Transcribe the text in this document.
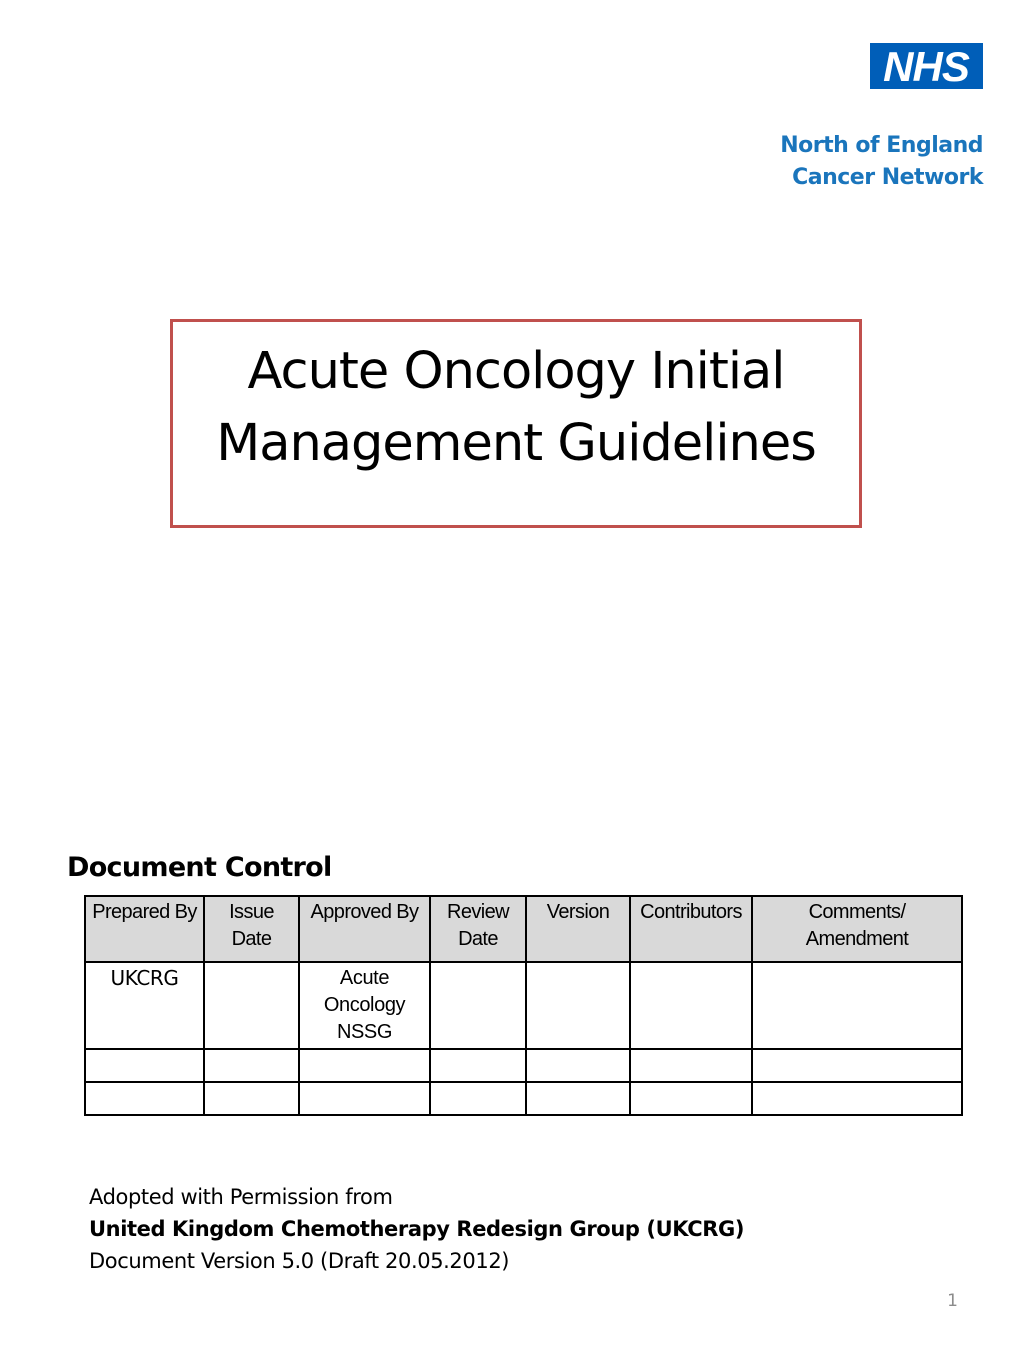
NHS
North of England
Cancer Network
Acute Oncology Initial
Management Guidelines
Document Control
Prepared By	Issue Date	Approved By	Review Date	Version	Contributors	Comments/ Amendment
UKCRG		Acute Oncology NSSG				

Adopted with Permission from
United Kingdom Chemotherapy Redesign Group (UKCRG)
Document Version 5.0 (Draft 20.05.2012)
1
